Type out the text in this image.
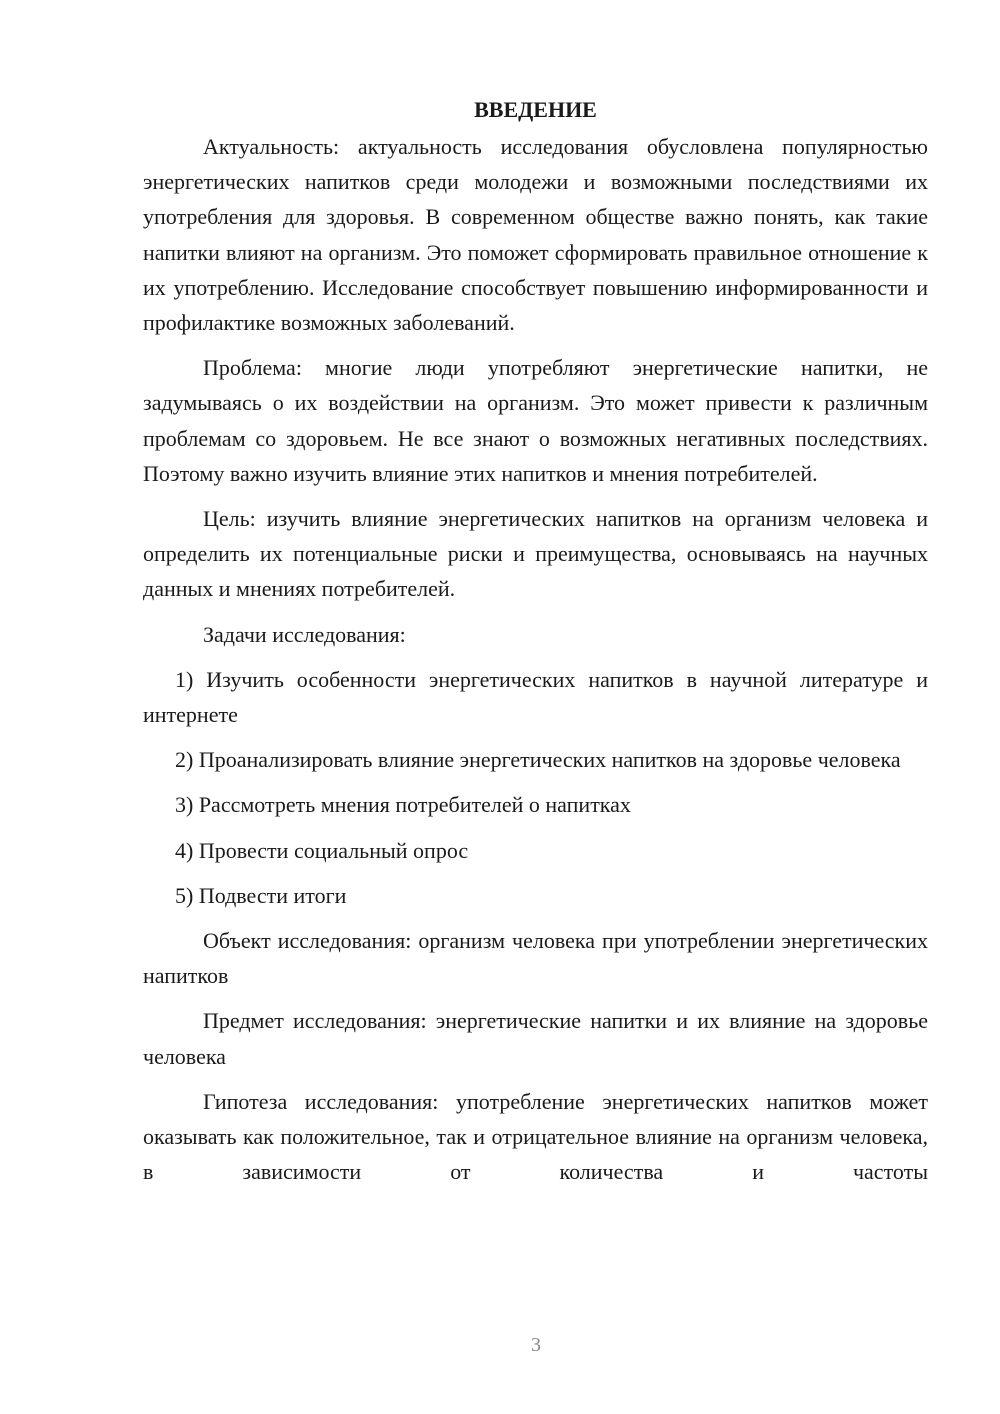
ВВЕДЕНИЕ

Актуальность: актуальность исследования обусловлена популярностью энергетических напитков среди молодежи и возможными последствиями их употребления для здоровья. В современном обществе важно понять, как такие напитки влияют на организм. Это поможет сформировать правильное отношение к их употреблению. Исследование способствует повышению информированности и профилактике возможных заболеваний.

Проблема: многие люди употребляют энергетические напитки, не задумываясь о их воздействии на организм. Это может привести к различным проблемам со здоровьем. Не все знают о возможных негативных последствиях. Поэтому важно изучить влияние этих напитков и мнения потребителей.

Цель: изучить влияние энергетических напитков на организм человека и определить их потенциальные риски и преимущества, основываясь на научных данных и мнениях потребителей.

Задачи исследования:

1) Изучить особенности энергетических напитков в научной литературе и интернете

2) Проанализировать влияние энергетических напитков на здоровье человека

3) Рассмотреть мнения потребителей о напитках

4) Провести социальный опрос

5) Подвести итоги

Объект исследования: организм человека при употреблении энергетических напитков

Предмет исследования: энергетические напитки и их влияние на здоровье человека

Гипотеза исследования: употребление энергетических напитков может оказывать как положительное, так и отрицательное влияние на организм человека, в зависимости от количества и частоты

3
